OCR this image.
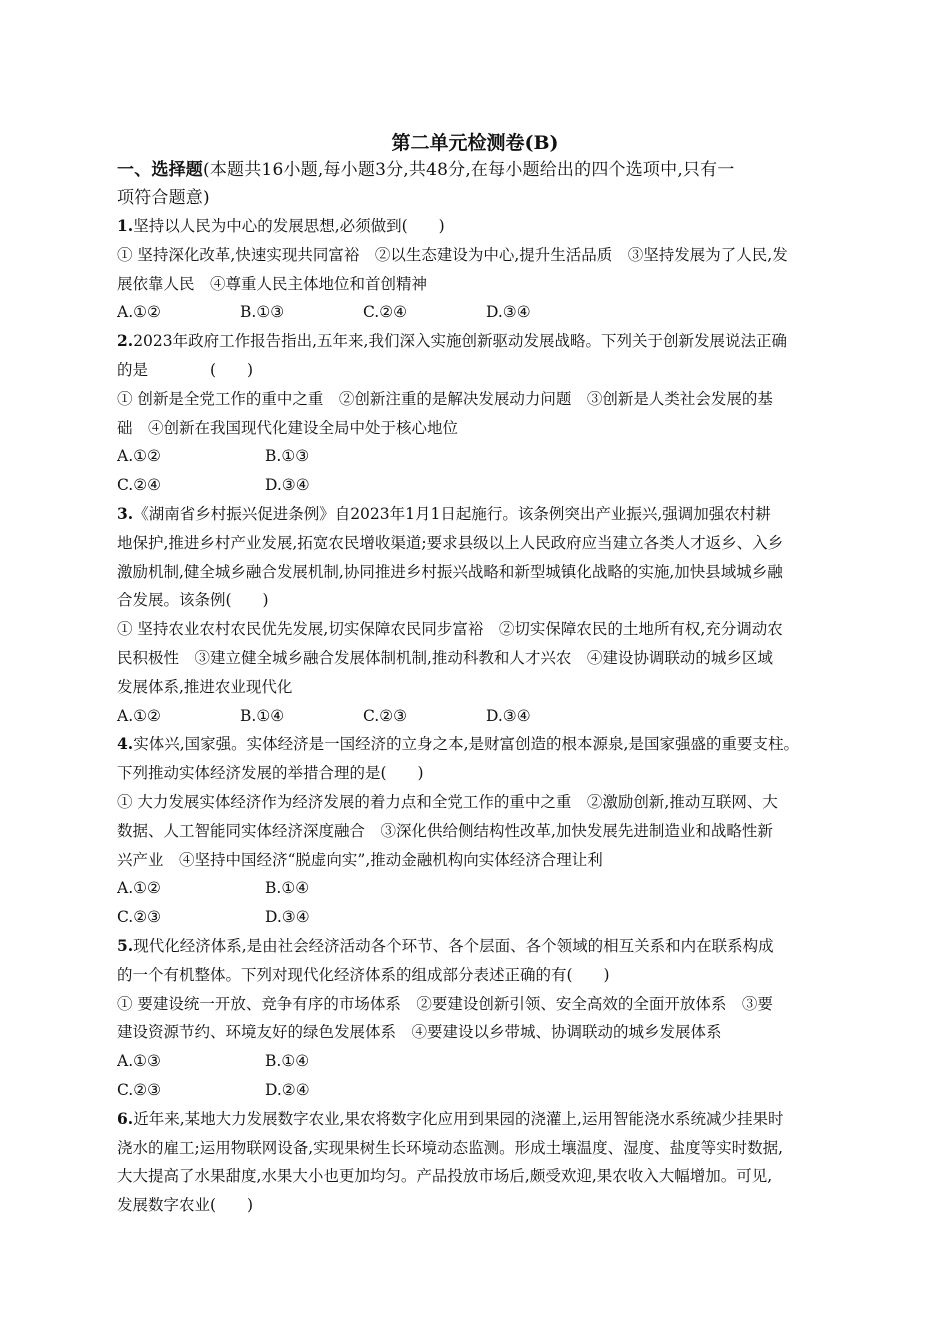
第二单元检测卷(B)
一、选择题(本题共16小题,每小题3分,共48分,在每小题给出的四个选项中,只有一
项符合题意)
1.坚持以人民为中心的发展思想,必须做到(　　)
① 坚持深化改革,快速实现共同富裕　②以生态建设为中心,提升生活品质　③坚持发展为了人民,发
展依靠人民　④尊重人民主体地位和首创精神
A.①②	B.①③	C.②④	D.③④
2.2023年政府工作报告指出,五年来,我们深入实施创新驱动发展战略。下列关于创新发展说法正确
的是　　　　(　　)
① 创新是全党工作的重中之重　②创新注重的是解决发展动力问题　③创新是人类社会发展的基
础　④创新在我国现代化建设全局中处于核心地位
A.①②	B.①③
C.②④	D.③④
3.《湖南省乡村振兴促进条例》自2023年1月1日起施行。该条例突出产业振兴,强调加强农村耕
地保护,推进乡村产业发展,拓宽农民增收渠道;要求县级以上人民政府应当建立各类人才返乡、入乡
激励机制,健全城乡融合发展机制,协同推进乡村振兴战略和新型城镇化战略的实施,加快县域城乡融
合发展。该条例(　　)
① 坚持农业农村农民优先发展,切实保障农民同步富裕　②切实保障农民的土地所有权,充分调动农
民积极性　③建立健全城乡融合发展体制机制,推动科教和人才兴农　④建设协调联动的城乡区域
发展体系,推进农业现代化
A.①②	B.①④	C.②③	D.③④
4.实体兴,国家强。实体经济是一国经济的立身之本,是财富创造的根本源泉,是国家强盛的重要支柱。
下列推动实体经济发展的举措合理的是(　　)
① 大力发展实体经济作为经济发展的着力点和全党工作的重中之重　②激励创新,推动互联网、大
数据、人工智能同实体经济深度融合　③深化供给侧结构性改革,加快发展先进制造业和战略性新
兴产业　④坚持中国经济“脱虚向实”,推动金融机构向实体经济合理让利
A.①②	B.①④
C.②③	D.③④
5.现代化经济体系,是由社会经济活动各个环节、各个层面、各个领域的相互关系和内在联系构成
的一个有机整体。下列对现代化经济体系的组成部分表述正确的有(　　)
① 要建设统一开放、竞争有序的市场体系　②要建设创新引领、安全高效的全面开放体系　③要
建设资源节约、环境友好的绿色发展体系　④要建设以乡带城、协调联动的城乡发展体系
A.①③	B.①④
C.②③	D.②④
6.近年来,某地大力发展数字农业,果农将数字化应用到果园的浇灌上,运用智能浇水系统减少挂果时
浇水的雇工;运用物联网设备,实现果树生长环境动态监测。形成土壤温度、湿度、盐度等实时数据,
大大提高了水果甜度,水果大小也更加均匀。产品投放市场后,颇受欢迎,果农收入大幅增加。可见,
发展数字农业(　　)
